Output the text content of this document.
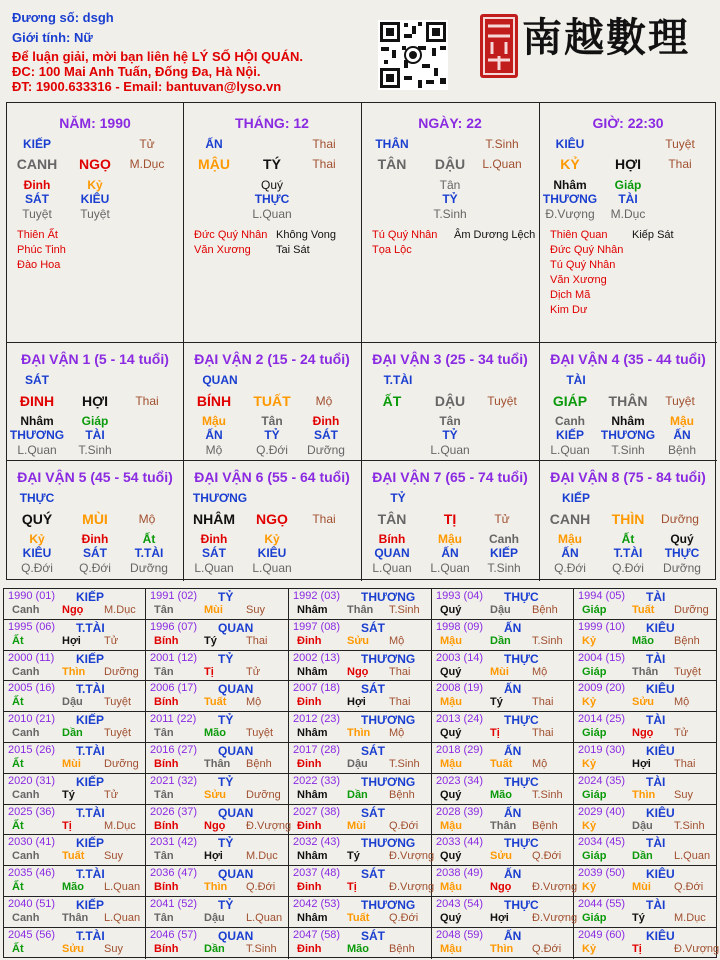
Đương số: dsgh
Giới tính: Nữ
Để luận giải, mời bạn liên hệ LÝ SỐ HỘI QUÁN.
ĐC: 100 Mai Anh Tuấn, Đống Đa, Hà Nội.
ĐT: 1900.633316 - Email: bantuvan@lyso.vn
南越數理
NĂM: 1990
KIẾP	Tử
CANH NGỌ M.Dục
Đinh
SÁT
Tuyệt
Kỷ
KIÊU
Tuyệt
Thiên Ất
Phúc Tinh
Đào Hoa
THÁNG: 12
ẤN	Thai
MẬU TÝ	Thai
Quý
THỰC
L.Quan
Đức Quý Nhân Không Vong
Văn Xương Tai Sát
NGÀY: 22
THÂN	T.Sinh
TÂN DẬU L.Quan
Tân
TỶ
T.Sinh
Tú Quý Nhân Âm Dương Lệch
Tọa Lộc
GIỜ: 22:30
KIÊU	Tuyệt
KỶ	HỢI Thai
Nhâm
THƯƠNG
Đ.Vượng
Giáp
TÀI
M.Dục
Thiên Quan Kiếp Sát
Đức Quý Nhân
Tú Quý Nhân
Văn Xương
Dịch Mã
Kim Dư
ĐẠI VẬN 1 (5 - 14 tuổi)
SÁT
ĐINH HỢI Thai
Nhâm
THƯƠNG
L.Quan
Giáp
TÀI
T.Sinh
ĐẠI VẬN 2 (15 - 24 tuổi)
QUAN
BÍNH TUẤT Mộ
Mậu
ẤN
Mộ
Tân
TỶ
Q.Đới
Đinh
SÁT
Dưỡng
ĐẠI VẬN 3 (25 - 34 tuổi)
T.TÀI
ẤT DẬU Tuyệt
Tân
TỶ
L.Quan
ĐẠI VẬN 4 (35 - 44 tuổi)
TÀI
GIÁP THÂN Tuyệt
Canh
KIẾP
L.Quan
Nhâm
THƯƠNG
T.Sinh
Mậu
ẤN
Bệnh
ĐẠI VẬN 5 (45 - 54 tuổi)
THỰC
QUÝ MÙI	Mộ
Kỷ
KIÊU
Q.Đới
Đinh
SÁT
Q.Đới
Ất
T.TÀI
Dưỡng
ĐẠI VẬN 6 (55 - 64 tuổi)
THƯƠNG
NHÂM NGỌ Thai
Đinh
SÁT
L.Quan
Kỷ
KIÊU
L.Quan
ĐẠI VẬN 7 (65 - 74 tuổi)
TỶ
TÂN	TỊ	Tử
Bính
QUAN
L.Quan
Mậu
ẤN
L.Quan
Canh
KIẾP
T.Sinh
ĐẠI VẬN 8 (75 - 84 tuổi)
KIẾP
CANH THÌN Dưỡng
Mậu
ẤN
Q.Đới
Ất
T.TÀI
Q.Đới
Quý
THỰC
Dưỡng
1990 (01) KIẾP
Canh Ngọ M.Dục
1991 (02) TỶ
Tân	Mùi Suy
1992 (03) THƯƠNG
Nhâm Thân T.Sinh
1993 (04) THỰC
Quý	Dậu Bệnh
1994 (05) TÀI
Giáp Tuất Dưỡng
1995 (06) T.TÀI
Ất	Hợi Tử
1996 (07) QUAN
Bính Tý	Thai
1997 (08) SÁT
Đinh Sửu Mộ
1998 (09) ẤN
Mậu	Dần T.Sinh
1999 (10) KIÊU
Kỷ	Mão Bệnh
2000 (11) KIẾP
Canh Thìn Dưỡng
2001 (12) TỶ
Tân	Tị	Tử
2002 (13) THƯƠNG
Nhâm Ngọ Thai
2003 (14) THỰC
Quý	Mùi Mộ
2004 (15) TÀI
Giáp Thân Tuyệt
2005 (16) T.TÀI
Ất	Dậu Tuyệt
2006 (17) QUAN
Bính Tuất Mộ
2007 (18) SÁT
Đinh Hợi Thai
2008 (19) ẤN
Mậu	Tý	Thai
2009 (20) KIÊU
Kỷ	Sửu Mộ
2010 (21) KIẾP
Canh Dần Tuyệt
2011 (22) TỶ
Tân	Mão Tuyệt
2012 (23) THƯƠNG
Nhâm Thìn Mộ
2013 (24) THỰC
Quý	Tị	Thai
2014 (25) TÀI
Giáp Ngọ Tử
2015 (26) T.TÀI
Ất	Mùi Dưỡng
2016 (27) QUAN
Bính Thân Bệnh
2017 (28) SÁT
Đinh Dậu T.Sinh
2018 (29) ẤN
Mậu	Tuất Mộ
2019 (30) KIÊU
Kỷ	Hợi Thai
2020 (31) KIẾP
Canh Tý	Tử
2021 (32) TỶ
Tân	Sửu Dưỡng
2022 (33) THƯƠNG
Nhâm Dần Bệnh
2023 (34) THỰC
Quý	Mão T.Sinh
2024 (35) TÀI
Giáp Thìn Suy
2025 (36) T.TÀI
Ất	Tị	M.Dục
2026 (37) QUAN
Bính Ngọ Đ.Vượng
2027 (38) SÁT
Đinh Mùi Q.Đới
2028 (39) ẤN
Mậu	Thân Bệnh
2029 (40) KIÊU
Kỷ	Dậu T.Sinh
2030 (41) KIẾP
Canh Tuất Suy
2031 (42) TỶ
Tân	Hợi M.Dục
2032 (43) THƯƠNG
Nhâm Tý	Đ.Vượng
2033 (44) THỰC
Quý	Sửu Q.Đới
2034 (45) TÀI
Giáp Dần L.Quan
2035 (46) T.TÀI
Ất	Mão L.Quan
2036 (47) QUAN
Bính Thìn Q.Đới
2037 (48) SÁT
Đinh Tị	Đ.Vượng
2038 (49) ẤN
Mậu	Ngọ Đ.Vượng
2039 (50) KIÊU
Kỷ	Mùi Q.Đới
2040 (51) KIẾP
Canh Thân L.Quan
2041 (52) TỶ
Tân	Dậu L.Quan
2042 (53) THƯƠNG
Nhâm Tuất Q.Đới
2043 (54) THỰC
Quý	Hợi Đ.Vượng
2044 (55) TÀI
Giáp Tý	M.Dục
2045 (56) T.TÀI
Ất	Sửu Suy
2046 (57) QUAN
Bính Dần T.Sinh
2047 (58) SÁT
Đinh Mão Bệnh
2048 (59) ẤN
Mậu	Thìn Q.Đới
2049 (60) KIÊU
Kỷ	Tị	Đ.Vượng
